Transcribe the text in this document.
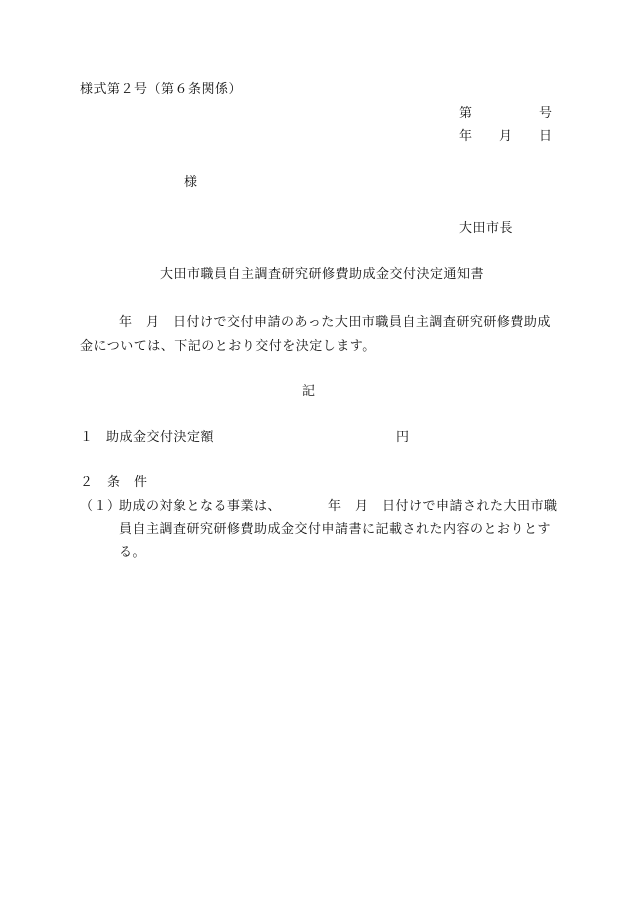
様式第２号（第６条関係）
第	号
年 月 日
様
大田市長
大田市職員自主調査研究研修費助成金交付決定通知書
年　月　日付けで交付申請のあった大田市職員自主調査研究研修費助成
金については、下記のとおり交付を決定します。
記
１ 助成金交付決定額	円
２　条　件
（１）
助成の対象となる事業は、	年　月　日付けで申請された大田市職
員自主調査研究研修費助成金交付申請書に記載された内容のとおりとす
る。
